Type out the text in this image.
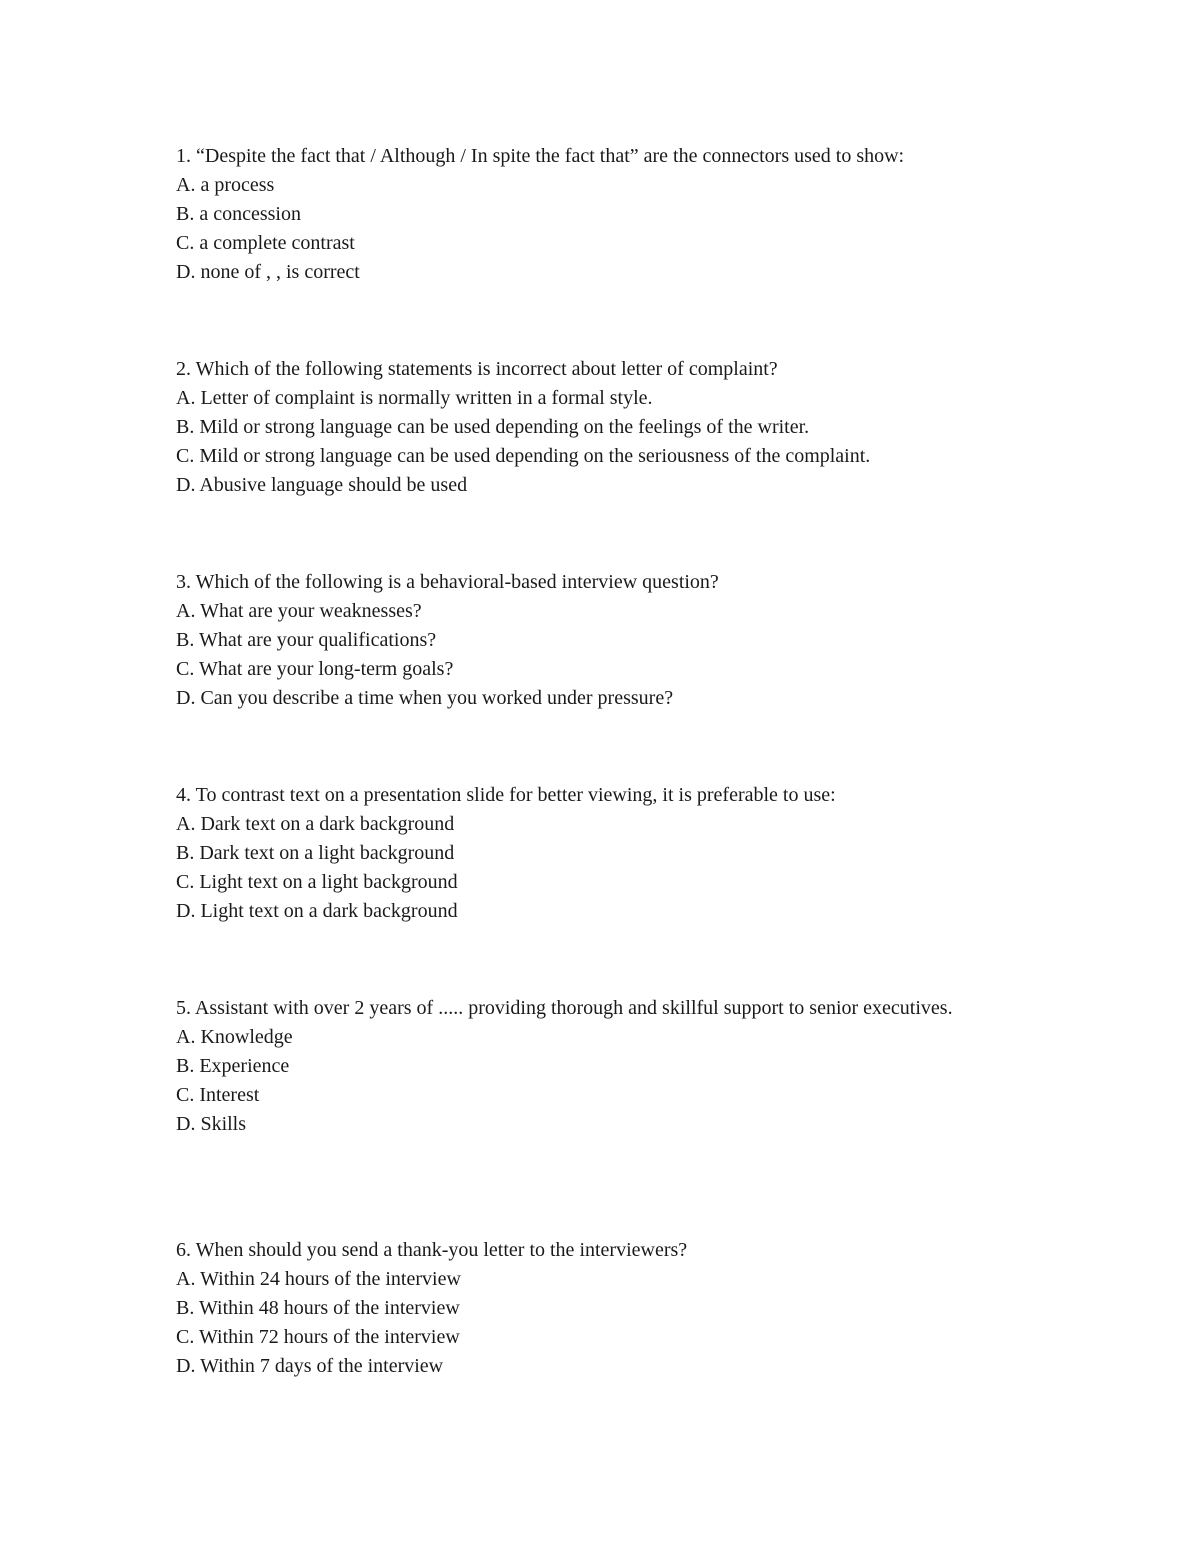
1. “Despite the fact that / Although / In spite the fact that” are the connectors used to show:

A. a process

B. a concession

C. a complete contrast

D. none of , , is correct

2. Which of the following statements is incorrect about letter of complaint?

A. Letter of complaint is normally written in a formal style.

B. Mild or strong language can be used depending on the feelings of the writer.

C. Mild or strong language can be used depending on the seriousness of the complaint.

D. Abusive language should be used

3. Which of the following is a behavioral-based interview question?

A. What are your weaknesses?

B. What are your qualifications?

C. What are your long-term goals?

D. Can you describe a time when you worked under pressure?

4. To contrast text on a presentation slide for better viewing, it is preferable to use:

A. Dark text on a dark background

B. Dark text on a light background

C. Light text on a light background

D. Light text on a dark background

5. Assistant with over 2 years of ..... providing thorough and skillful support to senior executives.

A. Knowledge

B. Experience

C. Interest

D. Skills

6. When should you send a thank-you letter to the interviewers?

A. Within 24 hours of the interview

B. Within 48 hours of the interview

C. Within 72 hours of the interview

D. Within 7 days of the interview
